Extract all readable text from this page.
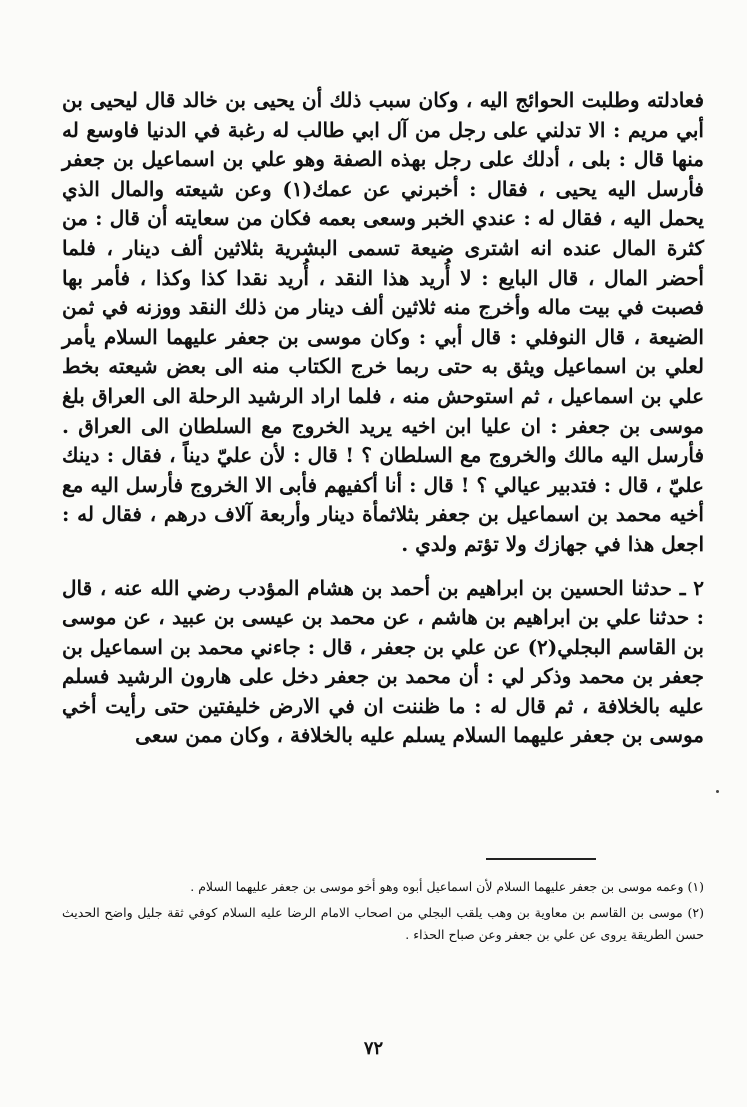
فعادلته وطلبت الحوائج اليه ، وكان سبب ذلك أن يحيى بن خالد قال ليحيى بن أبي مريم : الا تدلني على رجل من آل ابي طالب له رغبة في الدنيا فاوسع له منها قال : بلى ، أدلك على رجل بهذه الصفة وهو علي بن اسماعيل بن جعفر فأرسل اليه يحيى ، فقال : أخبرني عن عمك(١) وعن شيعته والمال الذي يحمل اليه ، فقال له : عندي الخبر وسعى بعمه فكان من سعايته أن قال : من كثرة المال عنده انه اشترى ضيعة تسمى البشرية بثلاثين ألف دينار ، فلما أحضر المال ، قال البايع : لا أُريد هذا النقد ، أُريد نقدا كذا وكذا ، فأمر بها فصبت في بيت ماله وأخرج منه ثلاثين ألف دينار من ذلك النقد ووزنه في ثمن الضيعة ، قال النوفلي : قال أبي : وكان موسى بن جعفر عليهما السلام يأمر لعلي بن اسماعيل ويثق به حتى ربما خرج الكتاب منه الى بعض شيعته بخط علي بن اسماعيل ، ثم استوحش منه ، فلما اراد الرشيد الرحلة الى العراق بلغ موسى بن جعفر : ان عليا ابن اخيه يريد الخروج مع السلطان الى العراق . فأرسل اليه مالك والخروج مع السلطان ؟ ! قال : لأن عليّ ديناً ، فقال : دينك عليّ ، قال : فتدبير عيالي ؟ ! قال : أنا أكفيهم فأبى الا الخروج فأرسل اليه مع أخيه محمد بن اسماعيل بن جعفر بثلاثمأة دينار وأربعة آلاف درهم ، فقال له : اجعل هذا في جهازك ولا تؤتم ولدي .

٢ ـ حدثنا الحسين بن ابراهيم بن أحمد بن هشام المؤدب رضي الله عنه ، قال : حدثنا علي بن ابراهيم بن هاشم ، عن محمد بن عيسى بن عبيد ، عن موسى بن القاسم البجلي(٢) عن علي بن جعفر ، قال : جاءني محمد بن اسماعيل بن جعفر بن محمد وذكر لي : أن محمد بن جعفر دخل على هارون الرشيد فسلم عليه بالخلافة ، ثم قال له : ما ظننت ان في الارض خليفتين حتى رأيت أخي موسى بن جعفر عليهما السلام يسلم عليه بالخلافة ، وكان ممن سعى

(١) وعمه موسى بن جعفر عليهما السلام لأن اسماعيل أبوه وهو أخو موسى بن جعفر عليهما السلام .

(٢) موسى بن القاسم بن معاوية بن وهب يلقب البجلي من اصحاب الامام الرضا عليه السلام كوفي ثقة جليل واضح الحديث حسن الطريقة يروى عن علي بن جعفر وعن صباح الحذاء .

٧٢
